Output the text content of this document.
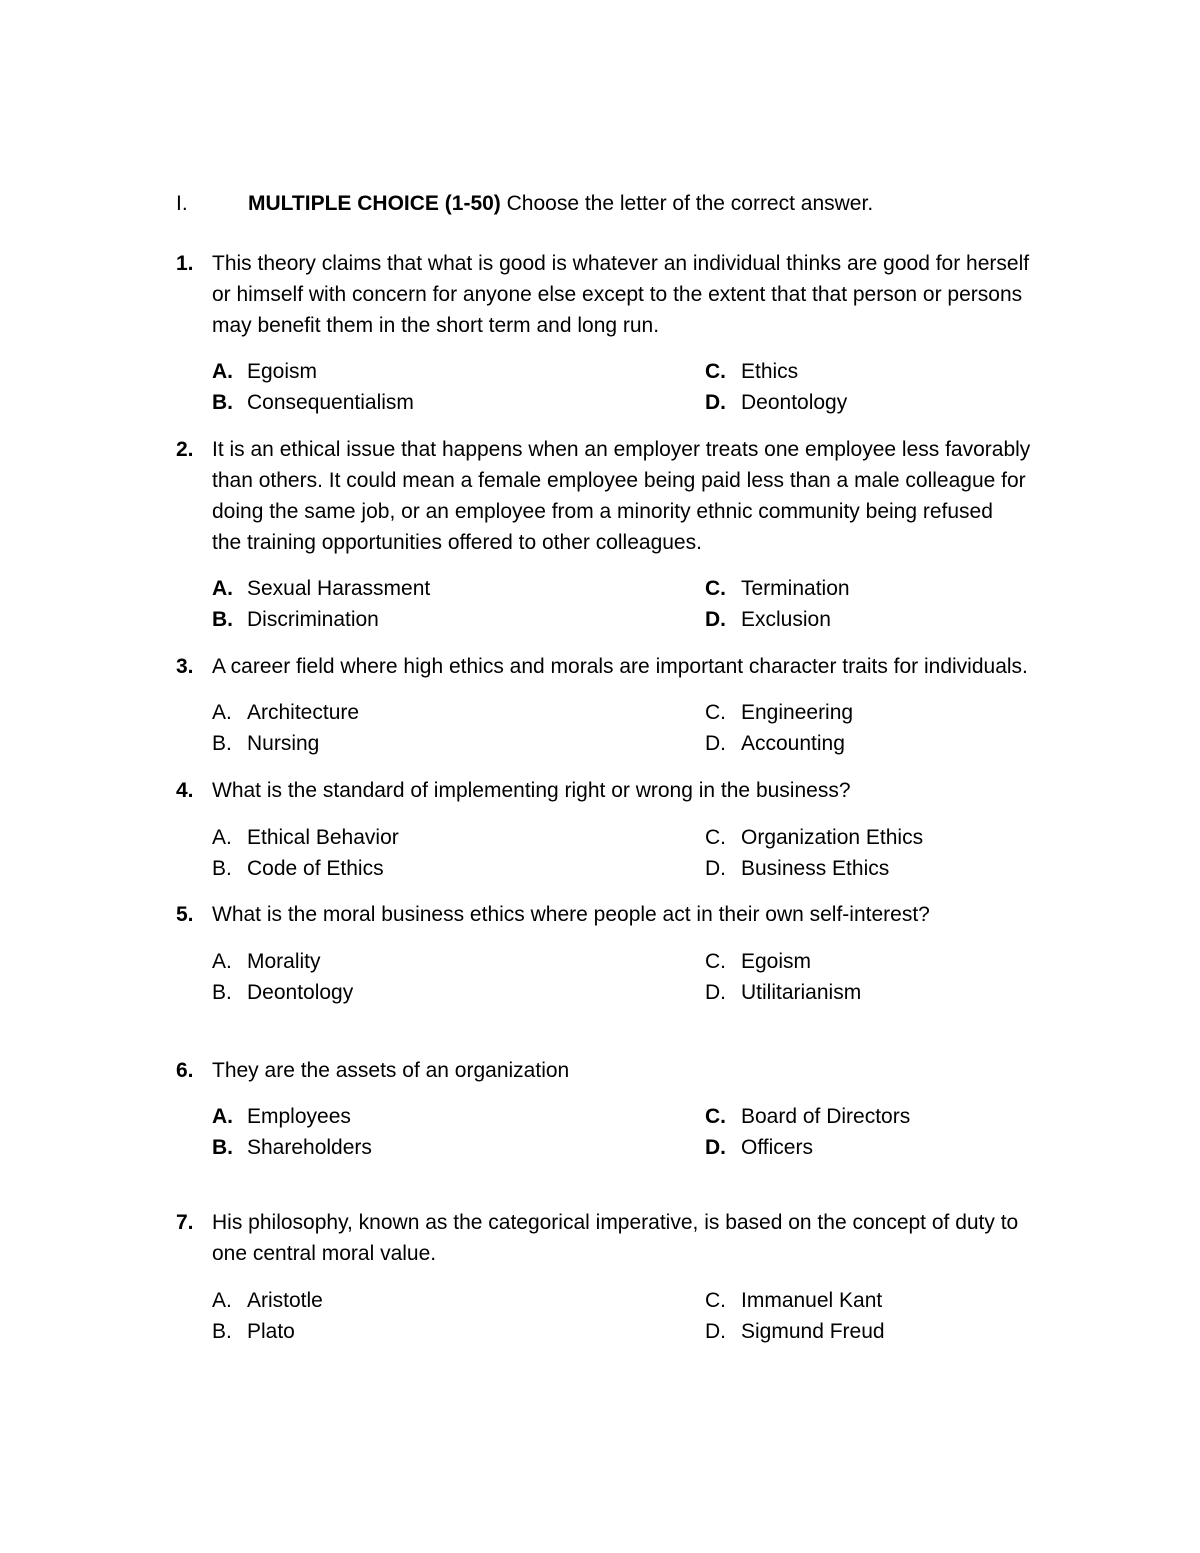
I.	MULTIPLE CHOICE (1-50) Choose the letter of the correct answer.
1. This theory claims that what is good is whatever an individual thinks are good for herself
or himself with concern for anyone else except to the extent that that person or persons
may benefit them in the short term and long run.
A. Egoism
B. Consequentialism
C. Ethics
D. Deontology
2. It is an ethical issue that happens when an employer treats one employee less favorably
than others. It could mean a female employee being paid less than a male colleague for
doing the same job, or an employee from a minority ethnic community being refused
the training opportunities offered to other colleagues.
A. Sexual Harassment
B. Discrimination
C. Termination
D. Exclusion
3. A career field where high ethics and morals are important character traits for individuals.
A. Architecture
B. Nursing
C. Engineering
D. Accounting
4. What is the standard of implementing right or wrong in the business?
A. Ethical Behavior
B. Code of Ethics
C. Organization Ethics
D. Business Ethics
5. What is the moral business ethics where people act in their own self-interest?
A. Morality
B. Deontology
C. Egoism
D. Utilitarianism
6. They are the assets of an organization
A. Employees
B. Shareholders
C. Board of Directors
D. Officers
7. His philosophy, known as the categorical imperative, is based on the concept of duty to
one central moral value.
A. Aristotle
B. Plato
C. Immanuel Kant
D. Sigmund Freud
